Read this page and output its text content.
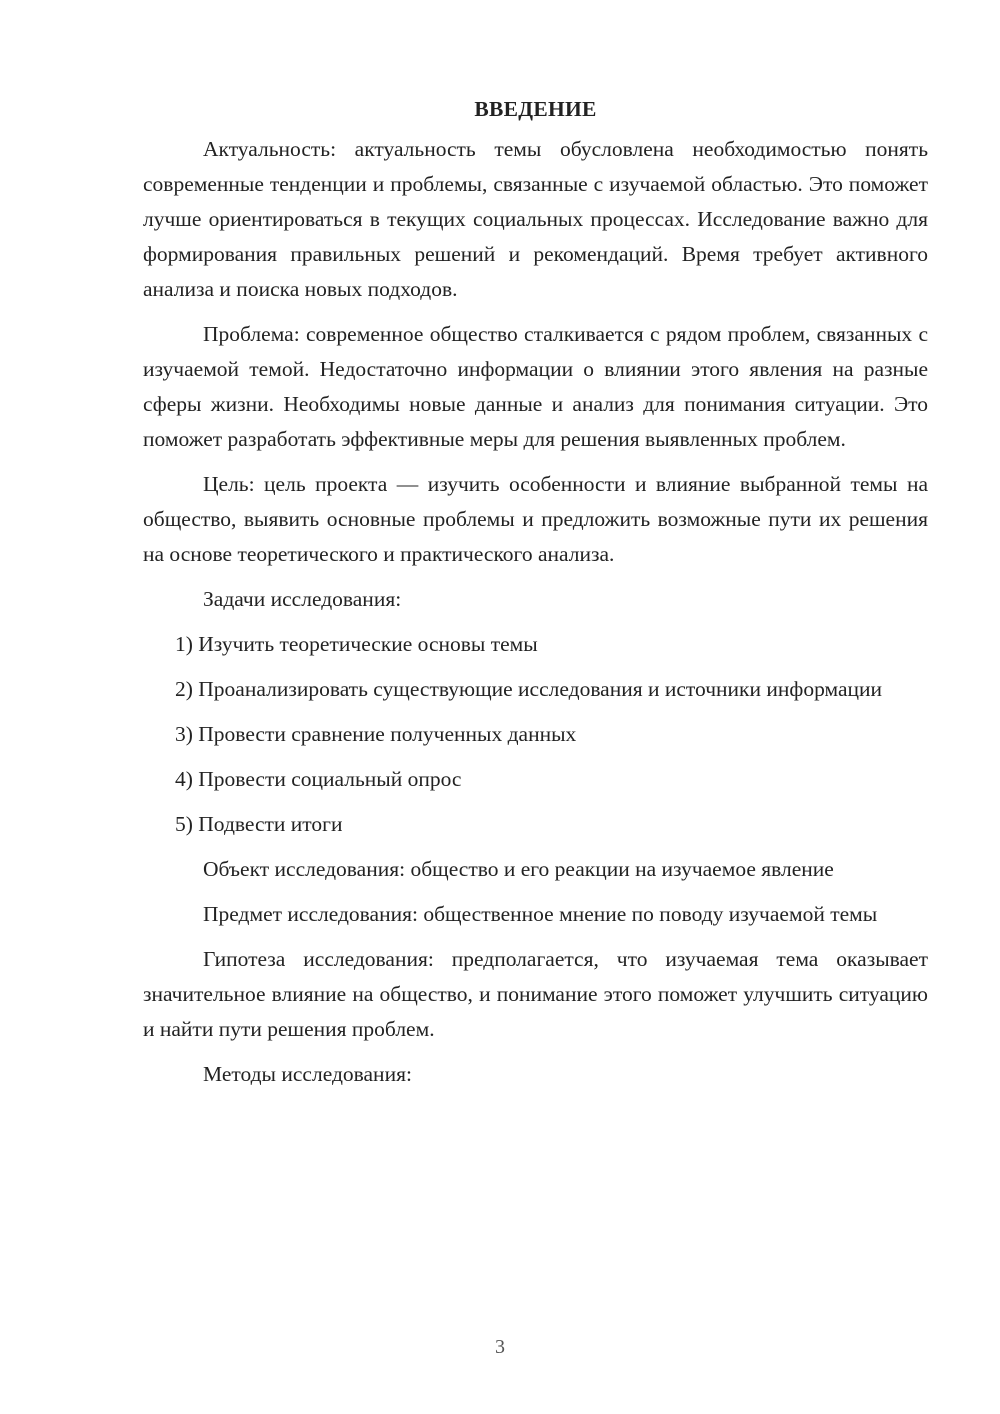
ВВЕДЕНИЕ

Актуальность: актуальность темы обусловлена необходимостью понять современные тенденции и проблемы, связанные с изучаемой областью. Это поможет лучше ориентироваться в текущих социальных процессах. Исследование важно для формирования правильных решений и рекомендаций. Время требует активного анализа и поиска новых подходов.

Проблема: современное общество сталкивается с рядом проблем, связанных с изучаемой темой. Недостаточно информации о влиянии этого явления на разные сферы жизни. Необходимы новые данные и анализ для понимания ситуации. Это поможет разработать эффективные меры для решения выявленных проблем.

Цель: цель проекта — изучить особенности и влияние выбранной темы на общество, выявить основные проблемы и предложить возможные пути их решения на основе теоретического и практического анализа.

Задачи исследования:

1) Изучить теоретические основы темы

2) Проанализировать существующие исследования и источники информации

3) Провести сравнение полученных данных

4) Провести социальный опрос

5) Подвести итоги

Объект исследования: общество и его реакции на изучаемое явление

Предмет исследования: общественное мнение по поводу изучаемой темы

Гипотеза исследования: предполагается, что изучаемая тема оказывает значительное влияние на общество, и понимание этого поможет улучшить ситуацию и найти пути решения проблем.

Методы исследования:

3
